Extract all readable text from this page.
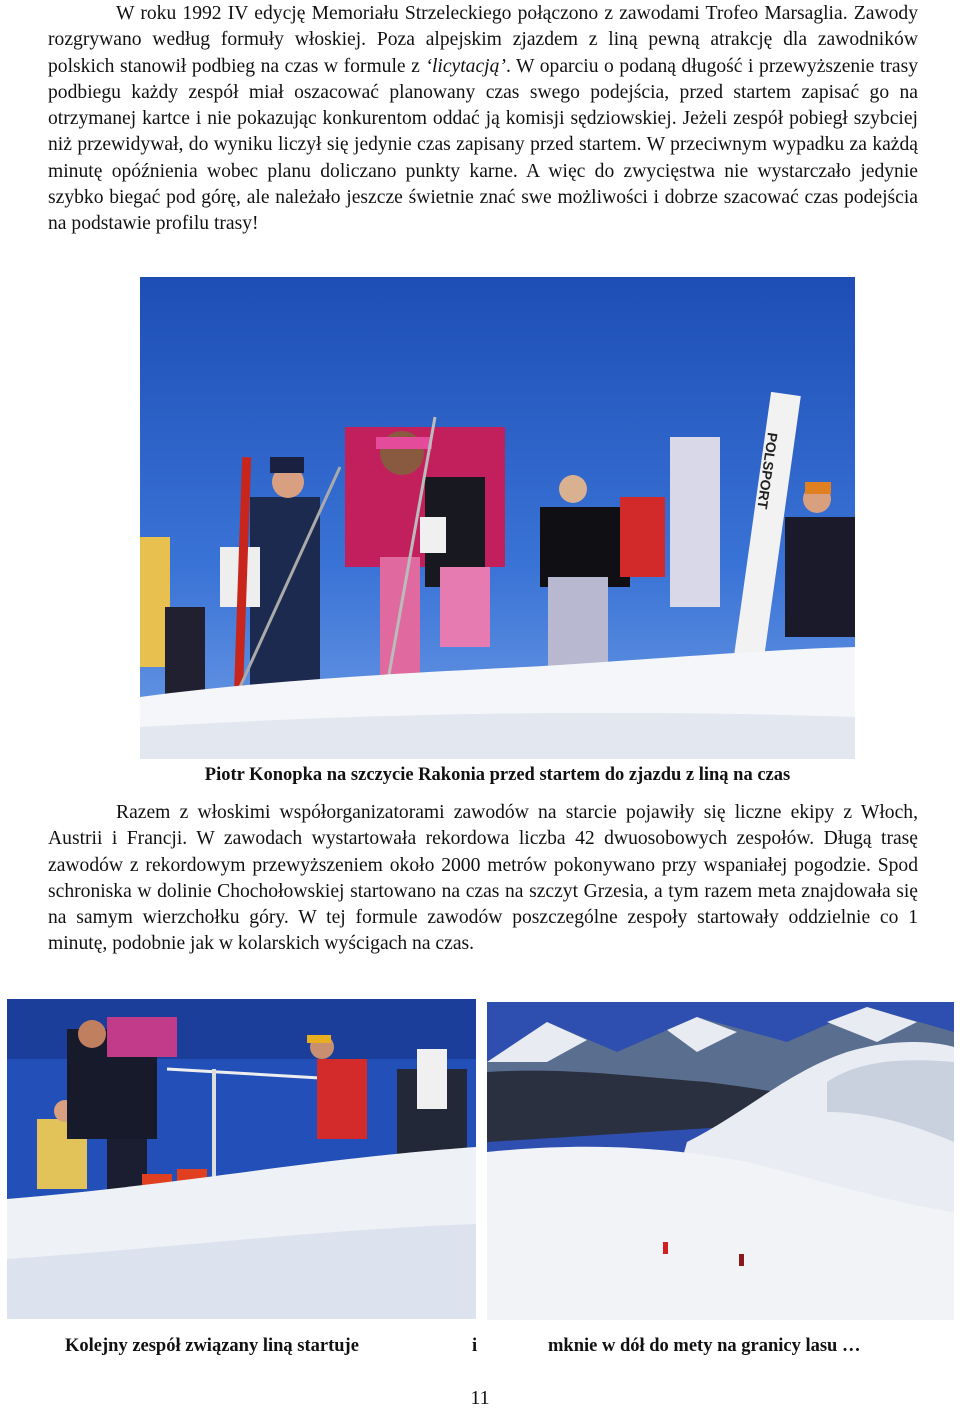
W roku 1992 IV edycję Memoriału Strzeleckiego połączono z zawodami Trofeo Marsaglia. Zawody rozgrywano według formuły włoskiej. Poza alpejskim zjazdem z liną pewną atrakcję dla zawodników polskich stanowił podbieg na czas w formule z ‘licytacją’. W oparciu o podaną długość i przewyższenie trasy podbiegu każdy zespół miał oszacować planowany czas swego podejścia, przed startem zapisać go na otrzymanej kartce i nie pokazując konkurentom oddać ją komisji sędziowskiej. Jeżeli zespół pobiegł szybciej niż przewidywał, do wyniku liczył się jedynie czas zapisany przed startem. W przeciwnym wypadku za każdą minutę opóźnienia wobec planu doliczano punkty karne. A więc do zwycięstwa nie wystarczało jedynie szybko biegać pod górę, ale należało jeszcze świetnie znać swe możliwości i dobrze szacować czas podejścia na podstawie profilu trasy!

POLSPORT

Piotr Konopka na szczycie Rakonia przed startem do zjazdu z liną na czas

Razem z włoskimi współorganizatorami zawodów na starcie pojawiły się liczne ekipy z Włoch, Austrii i Francji. W zawodach wystartowała rekordowa liczba 42 dwuosobowych zespołów. Długą trasę zawodów z rekordowym przewyższeniem około 2000 metrów pokonywano przy wspaniałej pogodzie. Spod schroniska w dolinie Chochołowskiej startowano na czas na szczyt Grzesia, a tym razem meta znajdowała się na samym wierzchołku góry. W tej formule zawodów poszczególne zespoły startowały oddzielnie co 1 minutę, podobnie jak w kolarskich wyścigach na czas.

Kolejny zespół związany liną startuje	i	mknie w dół do mety na granicy lasu …

11
